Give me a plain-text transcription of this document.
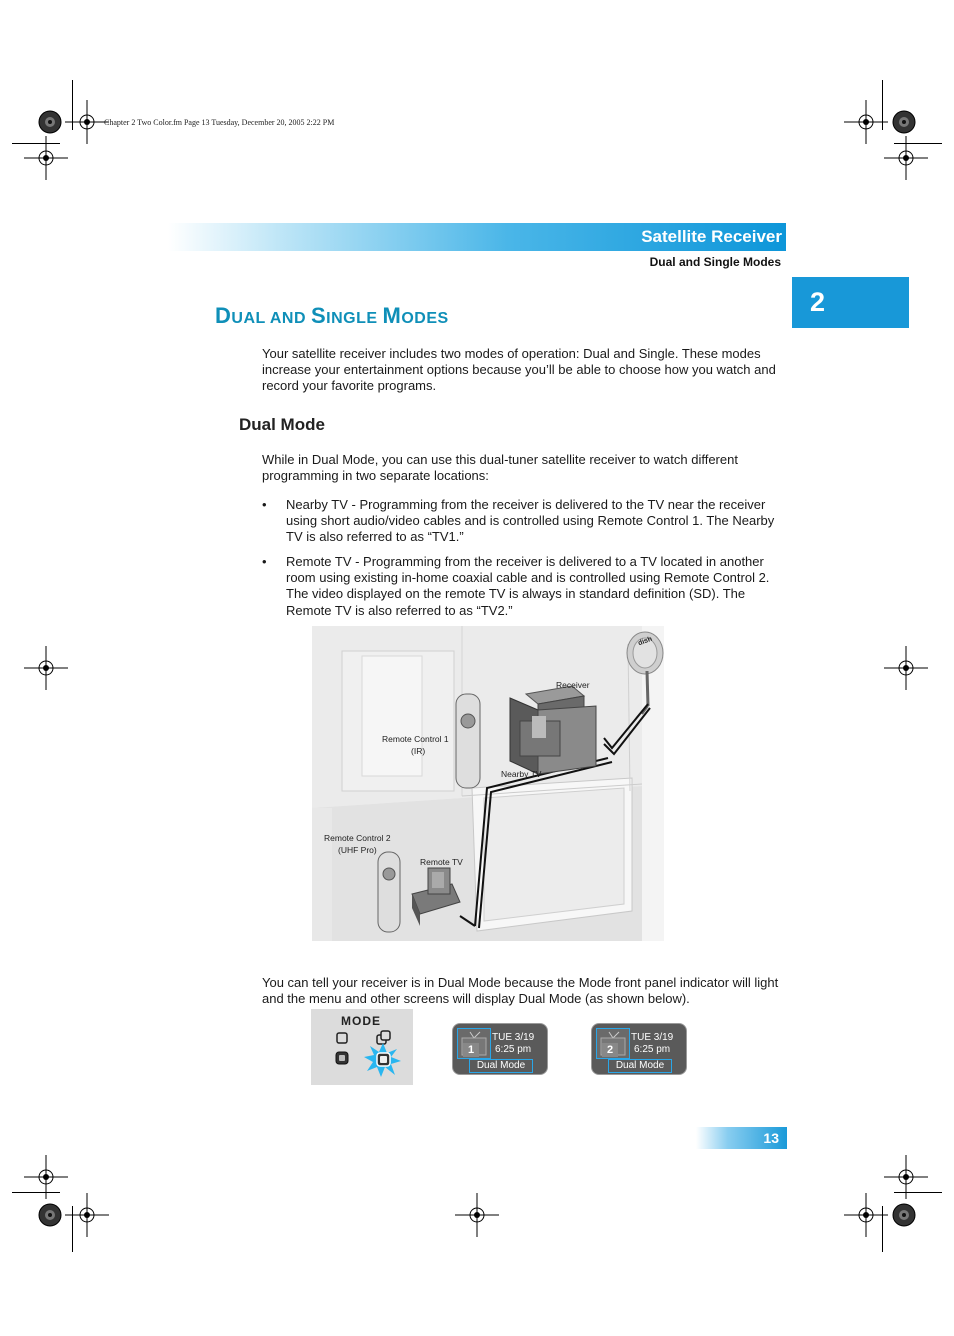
Chapter 2 Two Color.fm Page 13 Tuesday, December 20, 2005 2:22 PM
Satellite Receiver
Dual and Single Modes
2
DUAL AND SINGLE MODES
Your satellite receiver includes two modes of operation: Dual and Single. These modes increase your entertainment options because you’ll be able to choose how you watch and record your favorite programs.
Dual Mode
While in Dual Mode, you can use this dual-tuner satellite receiver to watch different programming in two separate locations:
• Nearby TV - Programming from the receiver is delivered to the TV near the receiver using short audio/video cables and is controlled using Remote Control 1. The Nearby TV is also referred to as “TV1.”
• Remote TV - Programming from the receiver is delivered to a TV located in another room using existing in-home coaxial cable and is controlled using Remote Control 2. The video displayed on the remote TV is always in standard definition (SD). The Remote TV is also referred to as “TV2.”
Receiver
Remote Control 1
(IR)
Nearby TV
Remote Control 2
(UHF Pro)
Remote TV
dish
You can tell your receiver is in Dual Mode because the Mode front panel indicator will light and the menu and other screens will display Dual Mode (as shown below).
MODE
1
TUE 3/19
6:25 pm
Dual Mode
2
TUE 3/19
6:25 pm
Dual Mode
13
